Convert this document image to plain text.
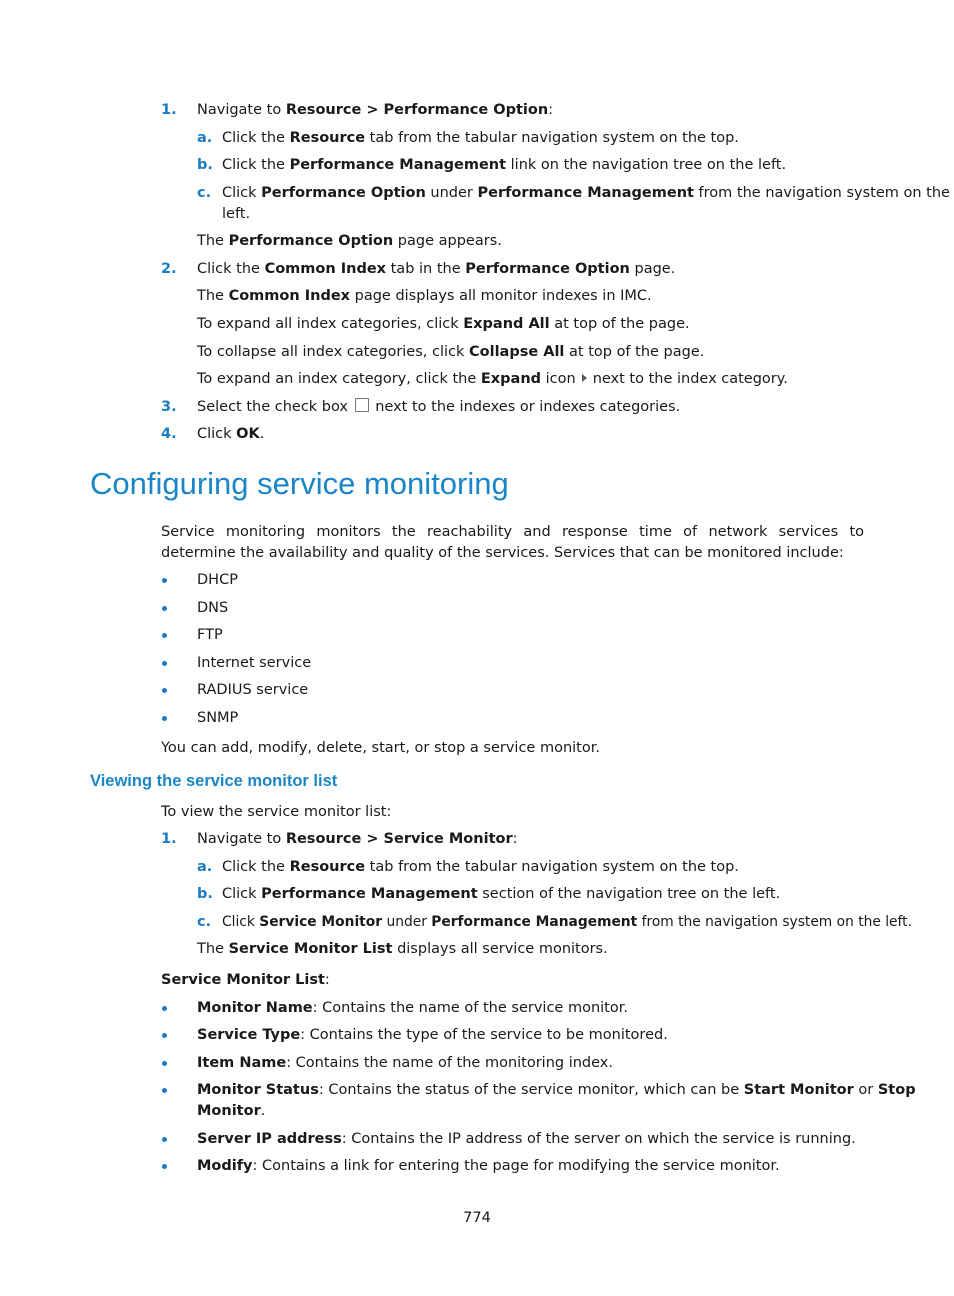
1. Navigate to Resource > Performance Option:
a. Click the Resource tab from the tabular navigation system on the top.
b. Click the Performance Management link on the navigation tree on the left.
c. Click Performance Option under Performance Management from the navigation system on the
left.
The Performance Option page appears.
2. Click the Common Index tab in the Performance Option page.
The Common Index page displays all monitor indexes in IMC.
To expand all index categories, click Expand All at top of the page.
To collapse all index categories, click Collapse All at top of the page.
To expand an index category, click the Expand icon next to the index category.
3. Select the check box next to the indexes or indexes categories.
4. Click OK.
Configuring service monitoring

Service monitoring monitors the reachability and response time of network services to determine the availability and quality of the services. Services that can be monitored include:

DHCP
DNS
FTP
Internet service
RADIUS service
SNMP
You can add, modify, delete, start, or stop a service monitor.
Viewing the service monitor list
To view the service monitor list:
1. Navigate to Resource > Service Monitor:
a. Click the Resource tab from the tabular navigation system on the top.
b. Click Performance Management section of the navigation tree on the left.
c. Click Service Monitor under Performance Management from the navigation system on the left.
The Service Monitor List displays all service monitors.
Service Monitor List:
Monitor Name: Contains the name of the service monitor.
Service Type: Contains the type of the service to be monitored.
Item Name: Contains the name of the monitoring index.
Monitor Status: Contains the status of the service monitor, which can be Start Monitor or Stop
Monitor.
Server IP address: Contains the IP address of the server on which the service is running.
Modify: Contains a link for entering the page for modifying the service monitor.
774
